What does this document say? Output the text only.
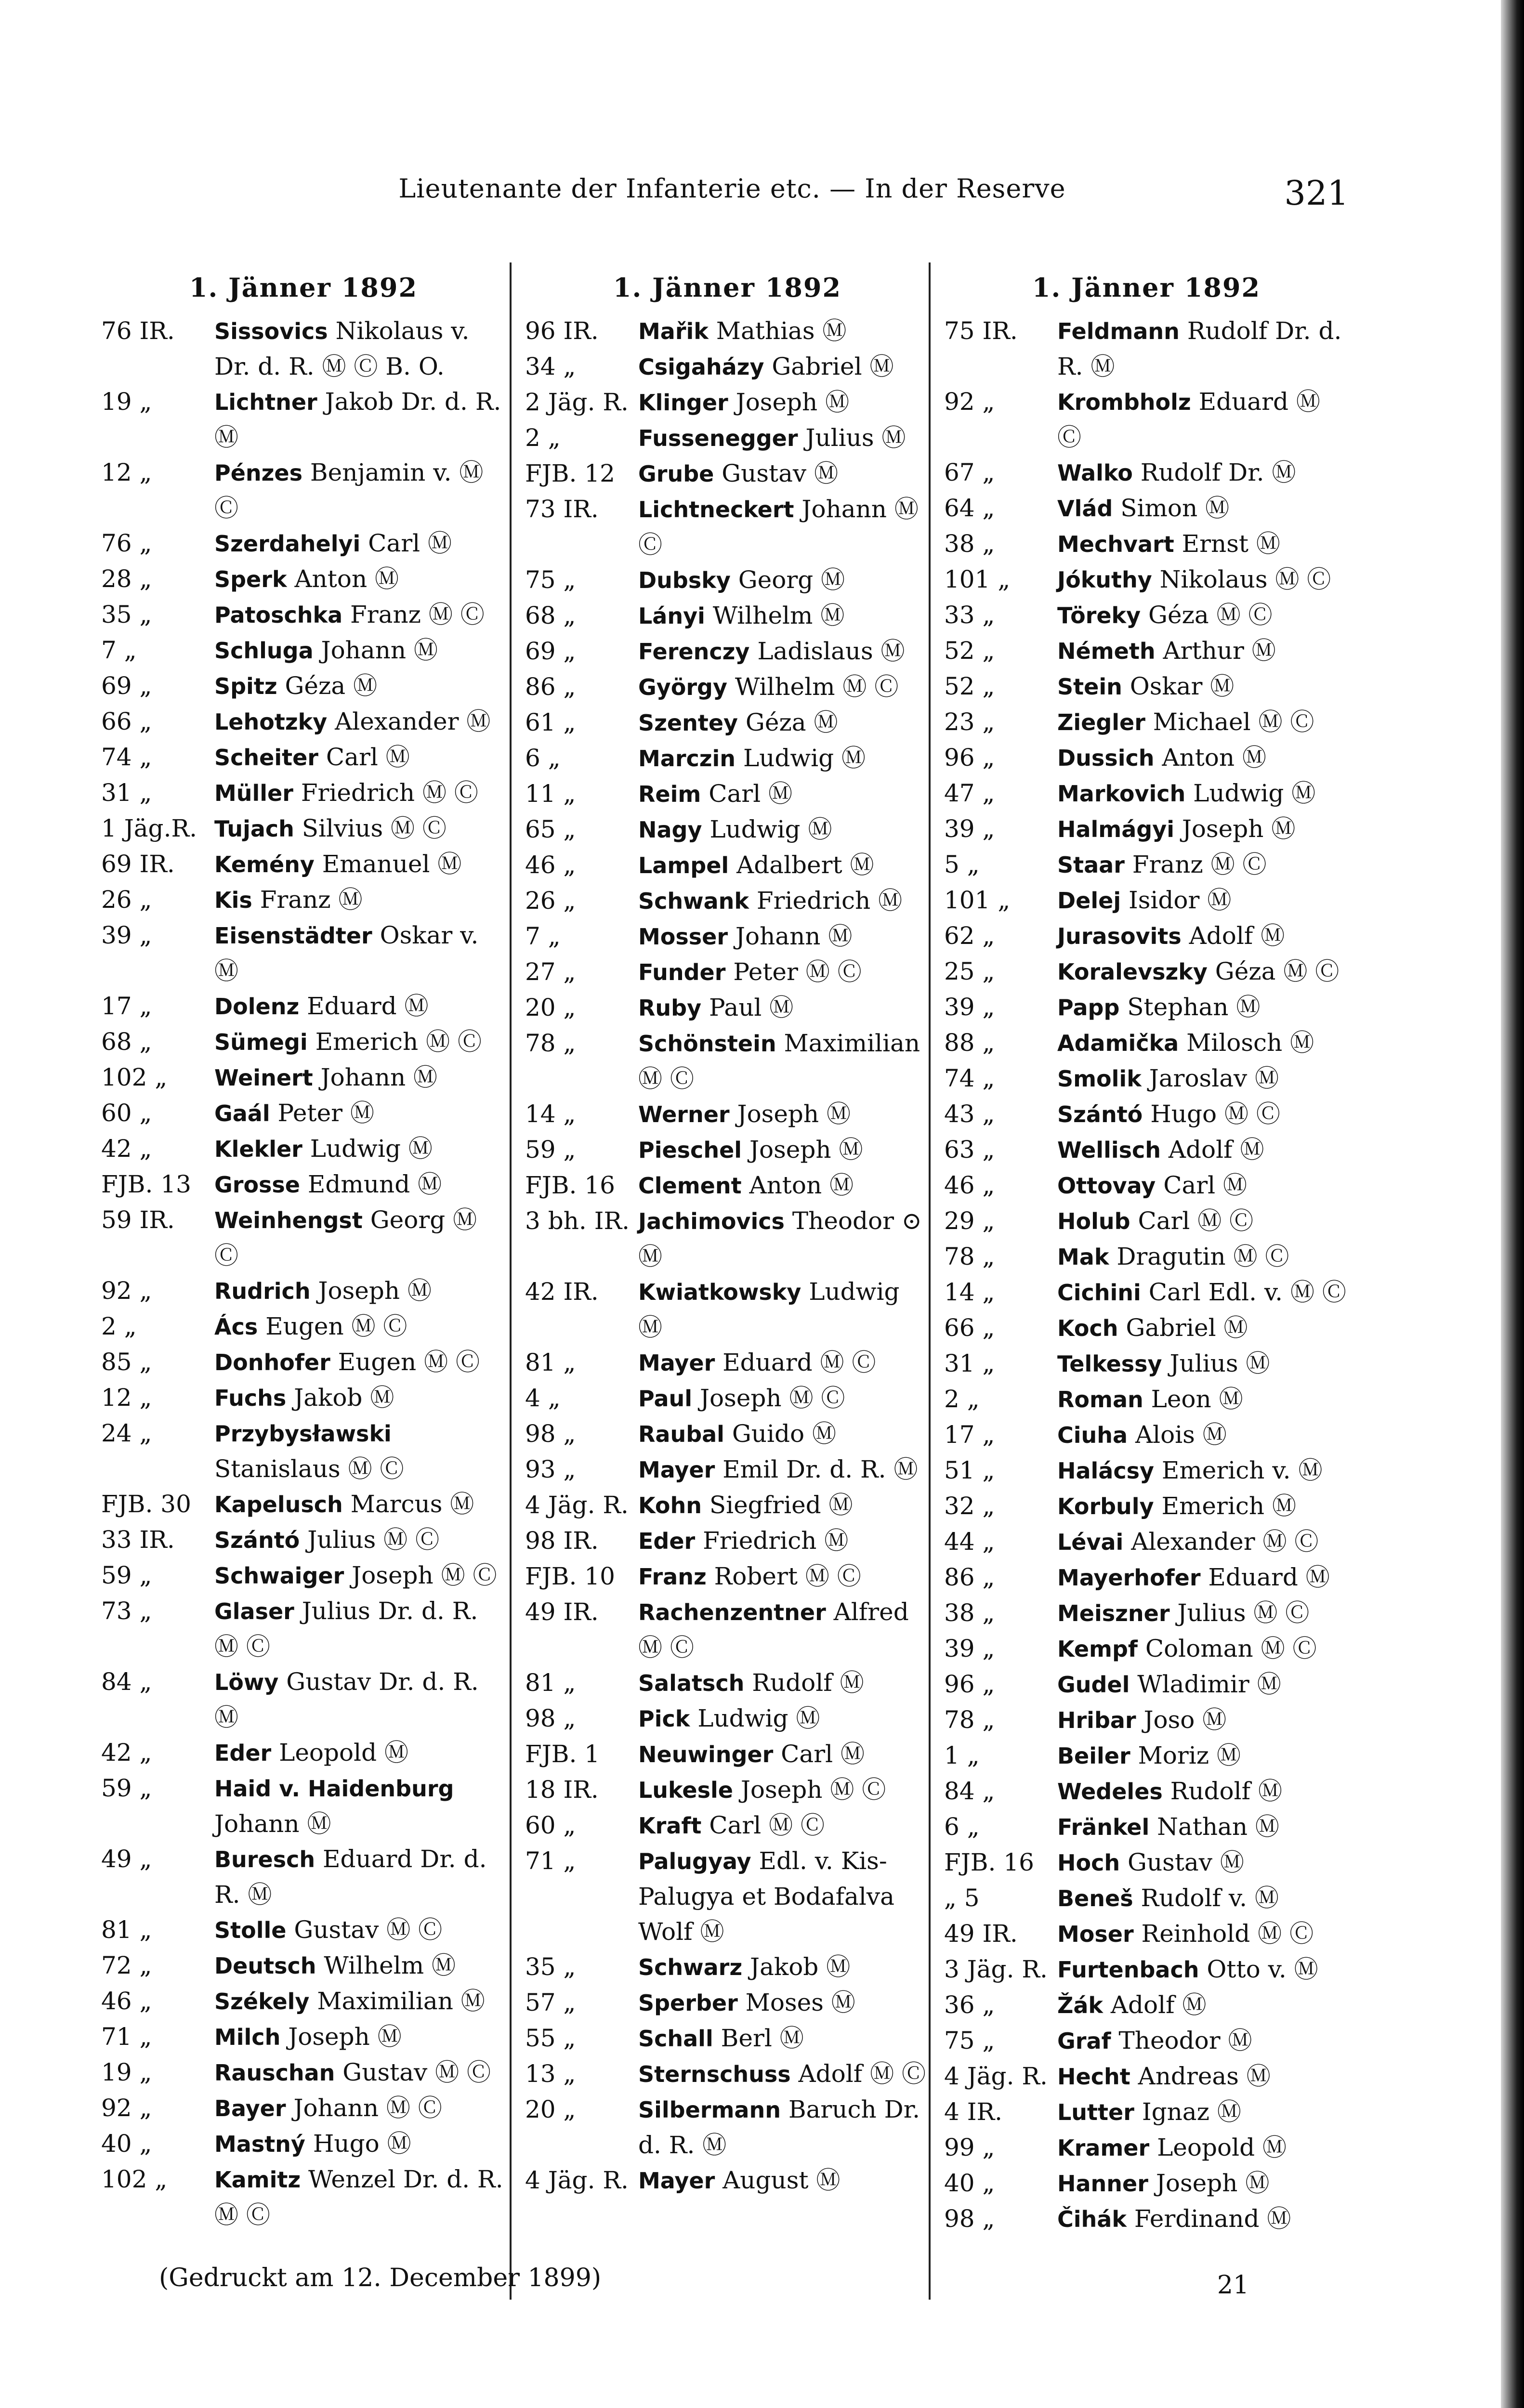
Lieutenante der Infanterie etc. — In der Reserve	321
1. Jänner 1892
76 IR.	Sissovics Nikolaus v. Dr. d. R. Ⓜ Ⓒ B. O.
19 „	Lichtner Jakob Dr. d. R. Ⓜ
12 „	Pénzes Benjamin v. Ⓜ Ⓒ
76 „	Szerdahelyi Carl Ⓜ
28 „	Sperk Anton Ⓜ
35 „	Patoschka Franz Ⓜ Ⓒ
7 „	Schluga Johann Ⓜ
69 „	Spitz Géza Ⓜ
66 „	Lehotzky Alexander Ⓜ
74 „	Scheiter Carl Ⓜ
31 „	Müller Friedrich Ⓜ Ⓒ
1 Jäg.R. Tujach Silvius Ⓜ Ⓒ
69 IR.	Kemény Emanuel Ⓜ
26 „	Kis Franz Ⓜ
39 „	Eisenstädter Oskar v. Ⓜ
17 „	Dolenz Eduard Ⓜ
68 „	Sümegi Emerich Ⓜ Ⓒ
102 „	Weinert Johann Ⓜ
60 „	Gaál Peter Ⓜ
42 „	Klekler Ludwig Ⓜ
FJB. 13	Grosse Edmund Ⓜ
59 IR.	Weinhengst Georg Ⓜ Ⓒ
92 „	Rudrich Joseph Ⓜ
2 „	Ács Eugen Ⓜ Ⓒ
85 „	Donhofer Eugen Ⓜ Ⓒ
12 „	Fuchs Jakob Ⓜ
24 „	Przybysławski Stanislaus Ⓜ Ⓒ
FJB. 30	Kapelusch Marcus Ⓜ
33 IR.	Szántó Julius Ⓜ Ⓒ
59 „	Schwaiger Joseph Ⓜ Ⓒ
73 „	Glaser Julius Dr. d. R. Ⓜ Ⓒ
84 „	Löwy Gustav Dr. d. R. Ⓜ
42 „	Eder Leopold Ⓜ
59 „	Haid v. Haidenburg Johann Ⓜ
49 „	Buresch Eduard Dr. d. R. Ⓜ
81 „	Stolle Gustav Ⓜ Ⓒ
72 „	Deutsch Wilhelm Ⓜ
46 „	Székely Maximilian Ⓜ
71 „	Milch Joseph Ⓜ
19 „	Rauschan Gustav Ⓜ Ⓒ
92 „	Bayer Johann Ⓜ Ⓒ
40 „	Mastný Hugo Ⓜ
102 „	Kamitz Wenzel Dr. d. R. Ⓜ Ⓒ
1. Jänner 1892
96 IR.	Mařik Mathias Ⓜ
34 „	Csigaházy Gabriel Ⓜ
2 Jäg. R. Klinger Joseph Ⓜ
2 „	Fussenegger Julius Ⓜ
FJB. 12	Grube Gustav Ⓜ
73 IR.	Lichtneckert Johann Ⓜ Ⓒ
75 „	Dubsky Georg Ⓜ
68 „	Lányi Wilhelm Ⓜ
69 „	Ferenczy Ladislaus Ⓜ
86 „	György Wilhelm Ⓜ Ⓒ
61 „	Szentey Géza Ⓜ
6 „	Marczin Ludwig Ⓜ
11 „	Reim Carl Ⓜ
65 „	Nagy Ludwig Ⓜ
46 „	Lampel Adalbert Ⓜ
26 „	Schwank Friedrich Ⓜ
7 „	Mosser Johann Ⓜ
27 „	Funder Peter Ⓜ Ⓒ
20 „	Ruby Paul Ⓜ
78 „	Schönstein Maximilian Ⓜ Ⓒ
14 „	Werner Joseph Ⓜ
59 „	Pieschel Joseph Ⓜ
FJB. 16	Clement Anton Ⓜ
3 bh. IR. Jachimovics Theodor ⊙ Ⓜ
42 IR.	Kwiatkowsky Ludwig Ⓜ
81 „	Mayer Eduard Ⓜ Ⓒ
4 „	Paul Joseph Ⓜ Ⓒ
98 „	Raubal Guido Ⓜ
93 „	Mayer Emil Dr. d. R. Ⓜ
4 Jäg. R. Kohn Siegfried Ⓜ
98 IR.	Eder Friedrich Ⓜ
FJB. 10	Franz Robert Ⓜ Ⓒ
49 IR.	Rachenzentner Alfred Ⓜ Ⓒ
81 „	Salatsch Rudolf Ⓜ
98 „	Pick Ludwig Ⓜ
FJB. 1	Neuwinger Carl Ⓜ
18 IR.	Lukesle Joseph Ⓜ Ⓒ
60 „	Kraft Carl Ⓜ Ⓒ
71 „	Palugyay Edl. v. Kis-Palugya et Bodafalva Wolf Ⓜ
35 „	Schwarz Jakob Ⓜ
57 „	Sperber Moses Ⓜ
55 „	Schall Berl Ⓜ
13 „	Sternschuss Adolf Ⓜ Ⓒ
20 „	Silbermann Baruch Dr. d. R. Ⓜ
4 Jäg. R. Mayer August Ⓜ
1. Jänner 1892
75 IR.	Feldmann Rudolf Dr. d. R. Ⓜ
92 „	Krombholz Eduard Ⓜ Ⓒ
67 „	Walko Rudolf Dr. Ⓜ
64 „	Vlád Simon Ⓜ
38 „	Mechvart Ernst Ⓜ
101 „	Jókuthy Nikolaus Ⓜ Ⓒ
33 „	Töreky Géza Ⓜ Ⓒ
52 „	Németh Arthur Ⓜ
52 „	Stein Oskar Ⓜ
23 „	Ziegler Michael Ⓜ Ⓒ
96 „	Dussich Anton Ⓜ
47 „	Markovich Ludwig Ⓜ
39 „	Halmágyi Joseph Ⓜ
5 „	Staar Franz Ⓜ Ⓒ
101 „	Delej Isidor Ⓜ
62 „	Jurasovits Adolf Ⓜ
25 „	Koralevszky Géza Ⓜ Ⓒ
39 „	Papp Stephan Ⓜ
88 „	Adamička Milosch Ⓜ
74 „	Smolik Jaroslav Ⓜ
43 „	Szántó Hugo Ⓜ Ⓒ
63 „	Wellisch Adolf Ⓜ
46 „	Ottovay Carl Ⓜ
29 „	Holub Carl Ⓜ Ⓒ
78 „	Mak Dragutin Ⓜ Ⓒ
14 „	Cichini Carl Edl. v. Ⓜ Ⓒ
66 „	Koch Gabriel Ⓜ
31 „	Telkessy Julius Ⓜ
2 „	Roman Leon Ⓜ
17 „	Ciuha Alois Ⓜ
51 „	Halácsy Emerich v. Ⓜ
32 „	Korbuly Emerich Ⓜ
44 „	Lévai Alexander Ⓜ Ⓒ
86 „	Mayerhofer Eduard Ⓜ
38 „	Meiszner Julius Ⓜ Ⓒ
39 „	Kempf Coloman Ⓜ Ⓒ
96 „	Gudel Wladimir Ⓜ
78 „	Hribar Joso Ⓜ
1 „	Beiler Moriz Ⓜ
84 „	Wedeles Rudolf Ⓜ
6 „	Fränkel Nathan Ⓜ
FJB. 16	Hoch Gustav Ⓜ
„ 5	Beneš Rudolf v. Ⓜ
49 IR.	Moser Reinhold Ⓜ Ⓒ
3 Jäg. R. Furtenbach Otto v. Ⓜ
36 „	Žák Adolf Ⓜ
75 „	Graf Theodor Ⓜ
4 Jäg. R. Hecht Andreas Ⓜ
4 IR.	Lutter Ignaz Ⓜ
99 „	Kramer Leopold Ⓜ
40 „	Hanner Joseph Ⓜ
98 „	Čihák Ferdinand Ⓜ
(Gedruckt am 12. December 1899)	21
